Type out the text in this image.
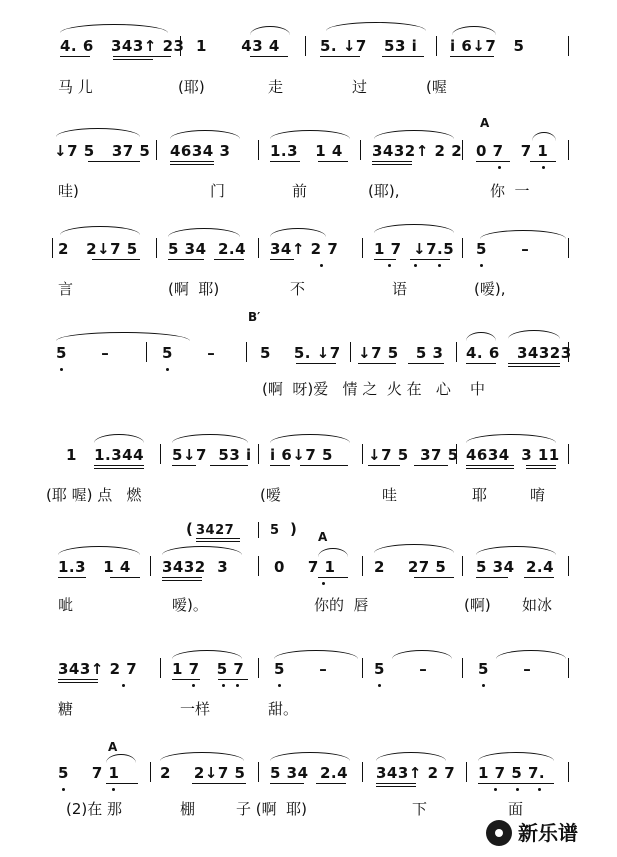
4. 6   343↑ 23 1      43 4	5. ↓7   53 i i 6↓7   5
马 儿	(耶)	走	过	(喔
A
↓7 5   37 5 4634 3	1.3   1 4 3432↑ 2 2 0 7   7 1
哇)	门	前	(耶),	你  一
2   2↓7 5 5 34  2.4 34↑ 2 7 1 7  ↓7.5 5      –
言	(啊  耶)	不	语	(嗳),
B′
5      –	5      –	5    5. ↓7 ↓7 5   5 3 4. 6   34323
(啊  呀)爱   情 之  火 在   心    中
1   1.344 5↓7  53 i i 6↓7 5 ↓7 5  37 5 4634  3 11
(耶 喔) 点   燃	(嗳	哇	耶	唷
3427
(	5 ) A
1.3   1 4 3432  3	0    7 1	2    27 5 5 34  2.4
呲	嗳)。	你的  唇	(啊) 如冰
343↑ 2 7 1 7   5 7 5      –	5      –	5      –
糖	一样	甜。
A
5    7 1	2    2↓7 5 5 34  2.4 343↑ 2 7 1 7 5 7.
(2)在 那	棚	子 (啊  耶)	下	面
新乐谱
